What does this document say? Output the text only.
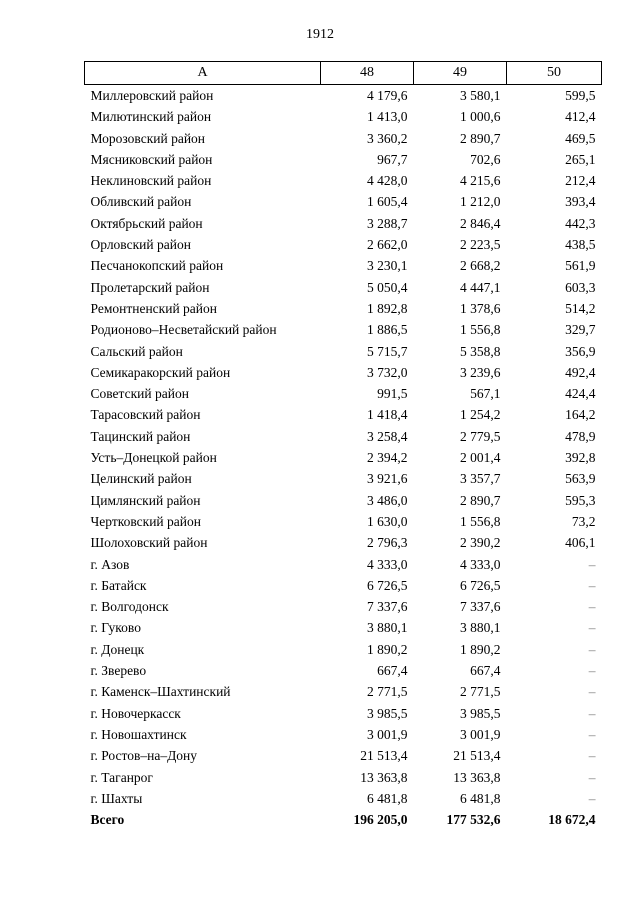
1912
А	48	49	50
Миллеровский район	4 179,6	3 580,1	599,5
Милютинский район	1 413,0	1 000,6	412,4
Морозовский район	3 360,2	2 890,7	469,5
Мясниковский район	967,7	702,6	265,1
Неклиновский район	4 428,0	4 215,6	212,4
Обливский район	1 605,4	1 212,0	393,4
Октябрьский район	3 288,7	2 846,4	442,3
Орловский район	2 662,0	2 223,5	438,5
Песчанокопский район	3 230,1	2 668,2	561,9
Пролетарский район	5 050,4	4 447,1	603,3
Ремонтненский район	1 892,8	1 378,6	514,2
Родионово–Несветайский район	1 886,5	1 556,8	329,7
Сальский район	5 715,7	5 358,8	356,9
Семикаракорский район	3 732,0	3 239,6	492,4
Советский район	991,5	567,1	424,4
Тарасовский район	1 418,4	1 254,2	164,2
Тацинский район	3 258,4	2 779,5	478,9
Усть–Донецкой район	2 394,2	2 001,4	392,8
Целинский район	3 921,6	3 357,7	563,9
Цимлянский район	3 486,0	2 890,7	595,3
Чертковский район	1 630,0	1 556,8	73,2
Шолоховский район	2 796,3	2 390,2	406,1
г. Азов	4 333,0	4 333,0	–
г. Батайск	6 726,5	6 726,5	–
г. Волгодонск	7 337,6	7 337,6	–
г. Гуково	3 880,1	3 880,1	–
г. Донецк	1 890,2	1 890,2	–
г. Зверево	667,4	667,4	–
г. Каменск–Шахтинский	2 771,5	2 771,5	–
г. Новочеркасск	3 985,5	3 985,5	–
г. Новошахтинск	3 001,9	3 001,9	–
г. Ростов–на–Дону	21 513,4	21 513,4	–
г. Таганрог	13 363,8	13 363,8	–
г. Шахты	6 481,8	6 481,8	–
Всего	196 205,0	177 532,6	18 672,4
